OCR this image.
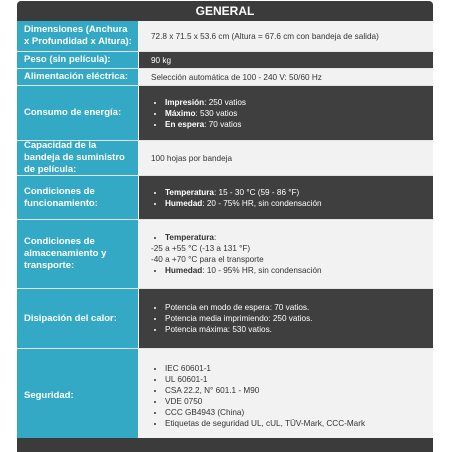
GENERAL
Dimensiones (Anchura x Profundidad x Altura):	72.8 x 71.5 x 53.6 cm (Altura = 67.6 cm con bandeja de salida)
Peso (sin película):	90 kg
Alimentación eléctrica:	Selección automática de 100 - 240 V: 50/60 Hz
Consumo de energía:
• Impresión: 250 vatios
• Máximo: 530 vatios
• En espera: 70 vatios
Capacidad de la bandeja de suministro de película:
100 hojas por bandeja
Condiciones de funcionamiento:
• Temperatura: 15 - 30 °C (59 - 86 °F)
• Humedad: 20 - 75% HR, sin condensación
Condiciones de almacenamiento y transporte:
• Temperatura:
-25 a +55 °C (-13 a 131 °F)
-40 a +70 °C para el transporte
• Humedad: 10 - 95% HR, sin condensación
Disipación del calor:
• Potencia en modo de espera: 70 vatios.
• Potencia media imprimiendo: 250 vatios.
• Potencia máxima: 530 vatios.
Seguridad:
• IEC 60601-1
• UL 60601-1
• CSA 22.2, N° 601.1 - M90
• VDE 0750
• CCC GB4943 (China)
• Etiquetas de seguridad UL, cUL, TÜV-Mark, CCC-Mark
